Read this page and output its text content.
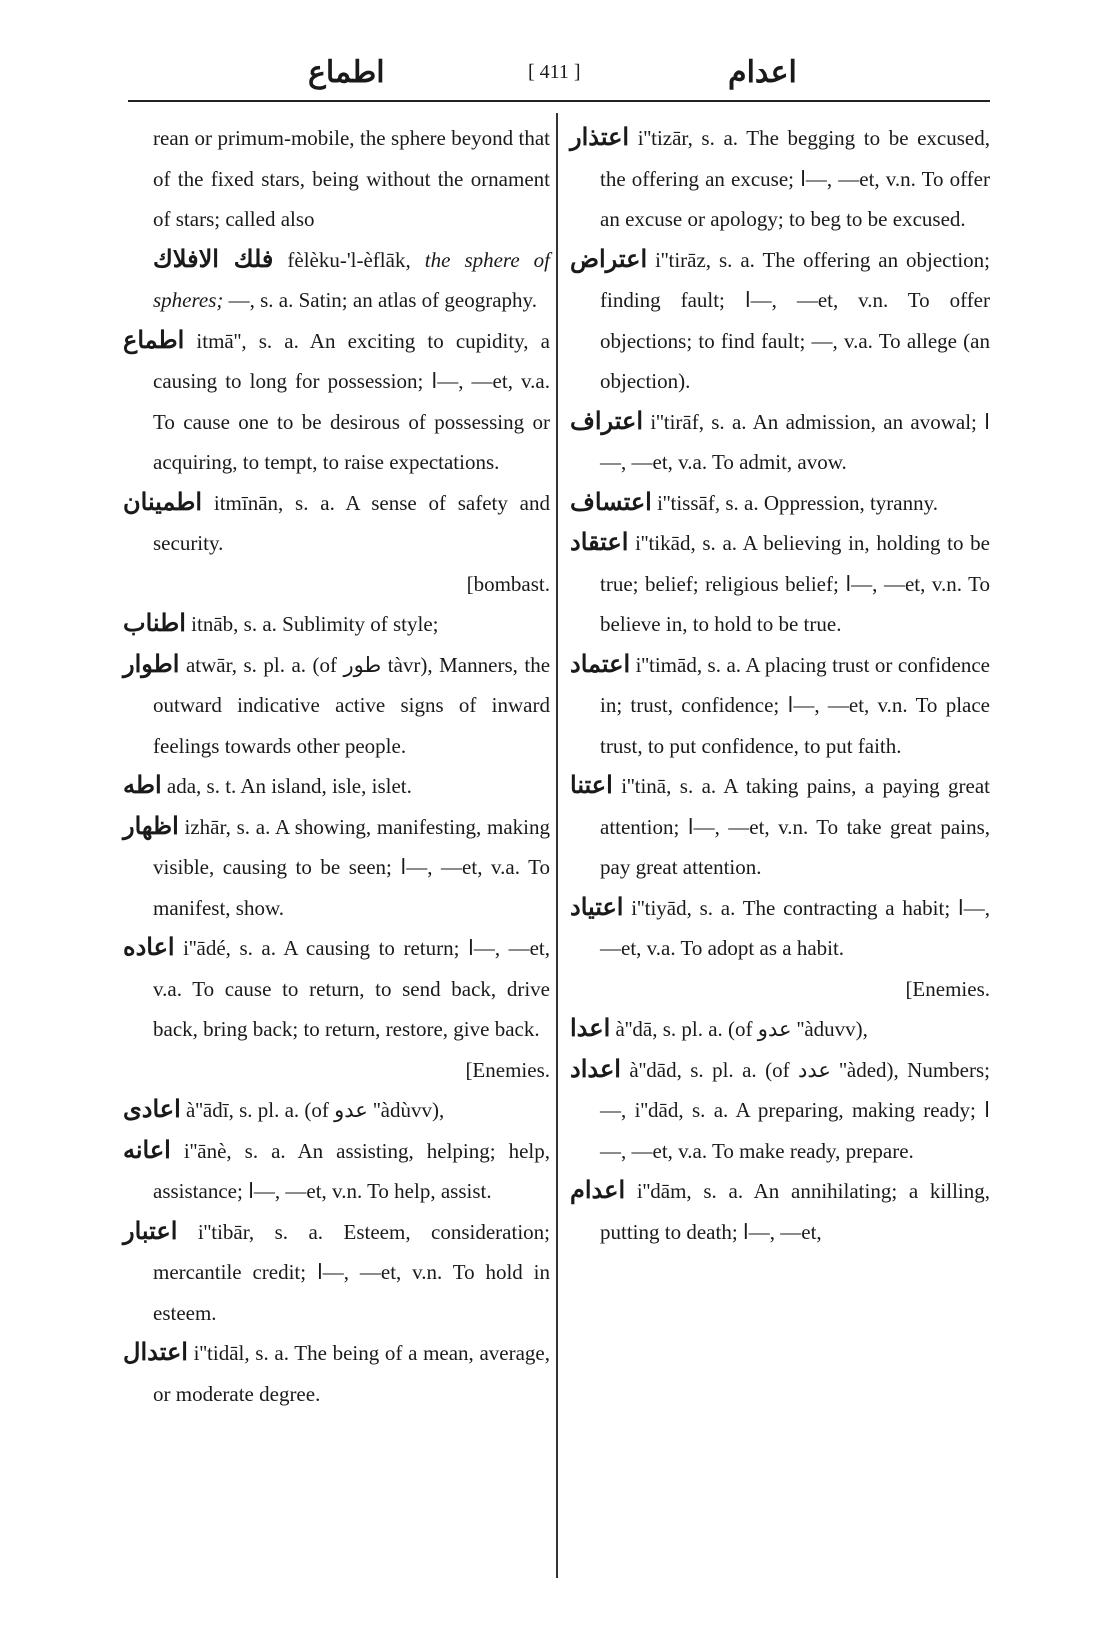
اطماع	[ 411 ]	اعدام

rean or primum-mobile, the sphere beyond that of the fixed stars, being without the ornament of stars; called also

فلك الافلاك fèlèku-'l-èflāk, the sphere of spheres; —, s. a. Satin; an atlas of geography.

اطماع itmā'', s. a. An exciting to cupidity, a causing to long for possession; ا—, —et, v.a. To cause one to be desirous of possessing or acquiring, to tempt, to raise expectations.

اطمینان itmīnān, s. a. A sense of safety and security.

[bombast.

اطناب itnāb, s. a. Sublimity of style;

اطوار atwār, s. pl. a. (of طور tàvr), Manners, the outward indicative active signs of inward feelings towards other people.

اطه ada, s. t. An island, isle, islet.

اظهار izhār, s. a. A showing, manifesting, making visible, causing to be seen; ا—, —et, v.a. To manifest, show.

اعاده i''ādé, s. a. A causing to return; ا—, —et, v.a. To cause to return, to send back, drive back, bring back; to return, restore, give back.

[Enemies.

اعادی à''ādī, s. pl. a. (of عدو ''àdùvv),

اعانه i''ānè, s. a. An assisting, helping; help, assistance; ا—, —et, v.n. To help, assist.

اعتبار i''tibār, s. a. Esteem, consideration; mercantile credit; ا—, —et, v.n. To hold in esteem.

اعتدال i''tidāl, s. a. The being of a mean, average, or moderate degree.

اعتذار i''tizār, s. a. The begging to be excused, the offering an excuse; ا—, —et, v.n. To offer an excuse or apology; to beg to be excused.

اعتراض i''tirāz, s. a. The offering an objection; finding fault; ا—, —et, v.n. To offer objections; to find fault; —, v.a. To allege (an objection).

اعتراف i''tirāf, s. a. An admission, an avowal; ا—, —et, v.a. To admit, avow.

اعتساف i''tissāf, s. a. Oppression, tyranny.

اعتقاد i''tikād, s. a. A believing in, holding to be true; belief; religious belief; ا—, —et, v.n. To believe in, to hold to be true.

اعتماد i''timād, s. a. A placing trust or confidence in; trust, confidence; ا—, —et, v.n. To place trust, to put confidence, to put faith.

اعتنا i''tinā, s. a. A taking pains, a paying great attention; ا—, —et, v.n. To take great pains, pay great attention.

اعتیاد i''tiyād, s. a. The contracting a habit; ا—, —et, v.a. To adopt as a habit.

[Enemies.

اعدا à''dā, s. pl. a. (of عدو ''àduvv),

اعداد à''dād, s. pl. a. (of عدد ''àded), Numbers; —, i''dād, s. a. A preparing, making ready; ا—, —et, v.a. To make ready, prepare.

اعدام i''dām, s. a. An annihilating; a killing, putting to death; ا—, —et,
